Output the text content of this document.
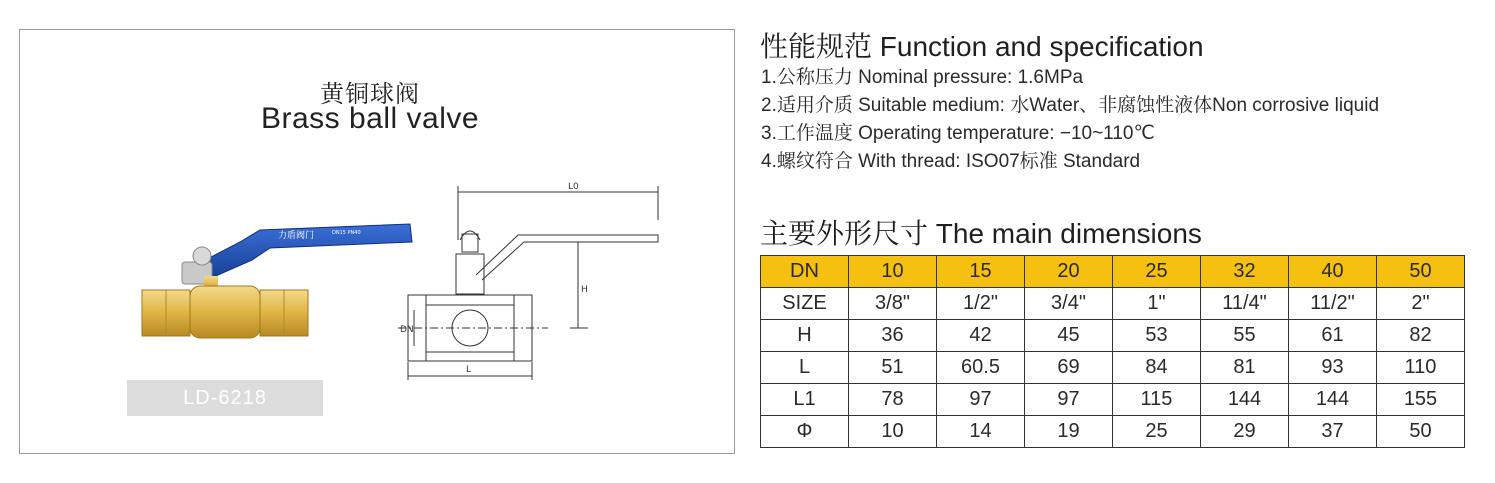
黄铜球阀
Brass ball valve
力盾阀门	DN15 PN40
L0
H
DN
L
LD-6218
性能规范 Function and specification
1.公称压力 Nominal pressure: 1.6MPa
2.适用介质 Suitable medium: 水Water、非腐蚀性液体Non corrosive liquid
3.工作温度 Operating temperature: −10~110℃
4.螺纹符合 With thread: ISO07标准 Standard
主要外形尺寸 The main dimensions
DN	10	15	20	25	32	40	50
SIZE	3/8"	1/2"	3/4"	1"	11/4"	11/2"	2"
H	36	42	45	53	55	61	82
L	51	60.5	69	84	81	93	110
L1	78	97	97	115	144	144	155
Φ	10	14	19	25	29	37	50
